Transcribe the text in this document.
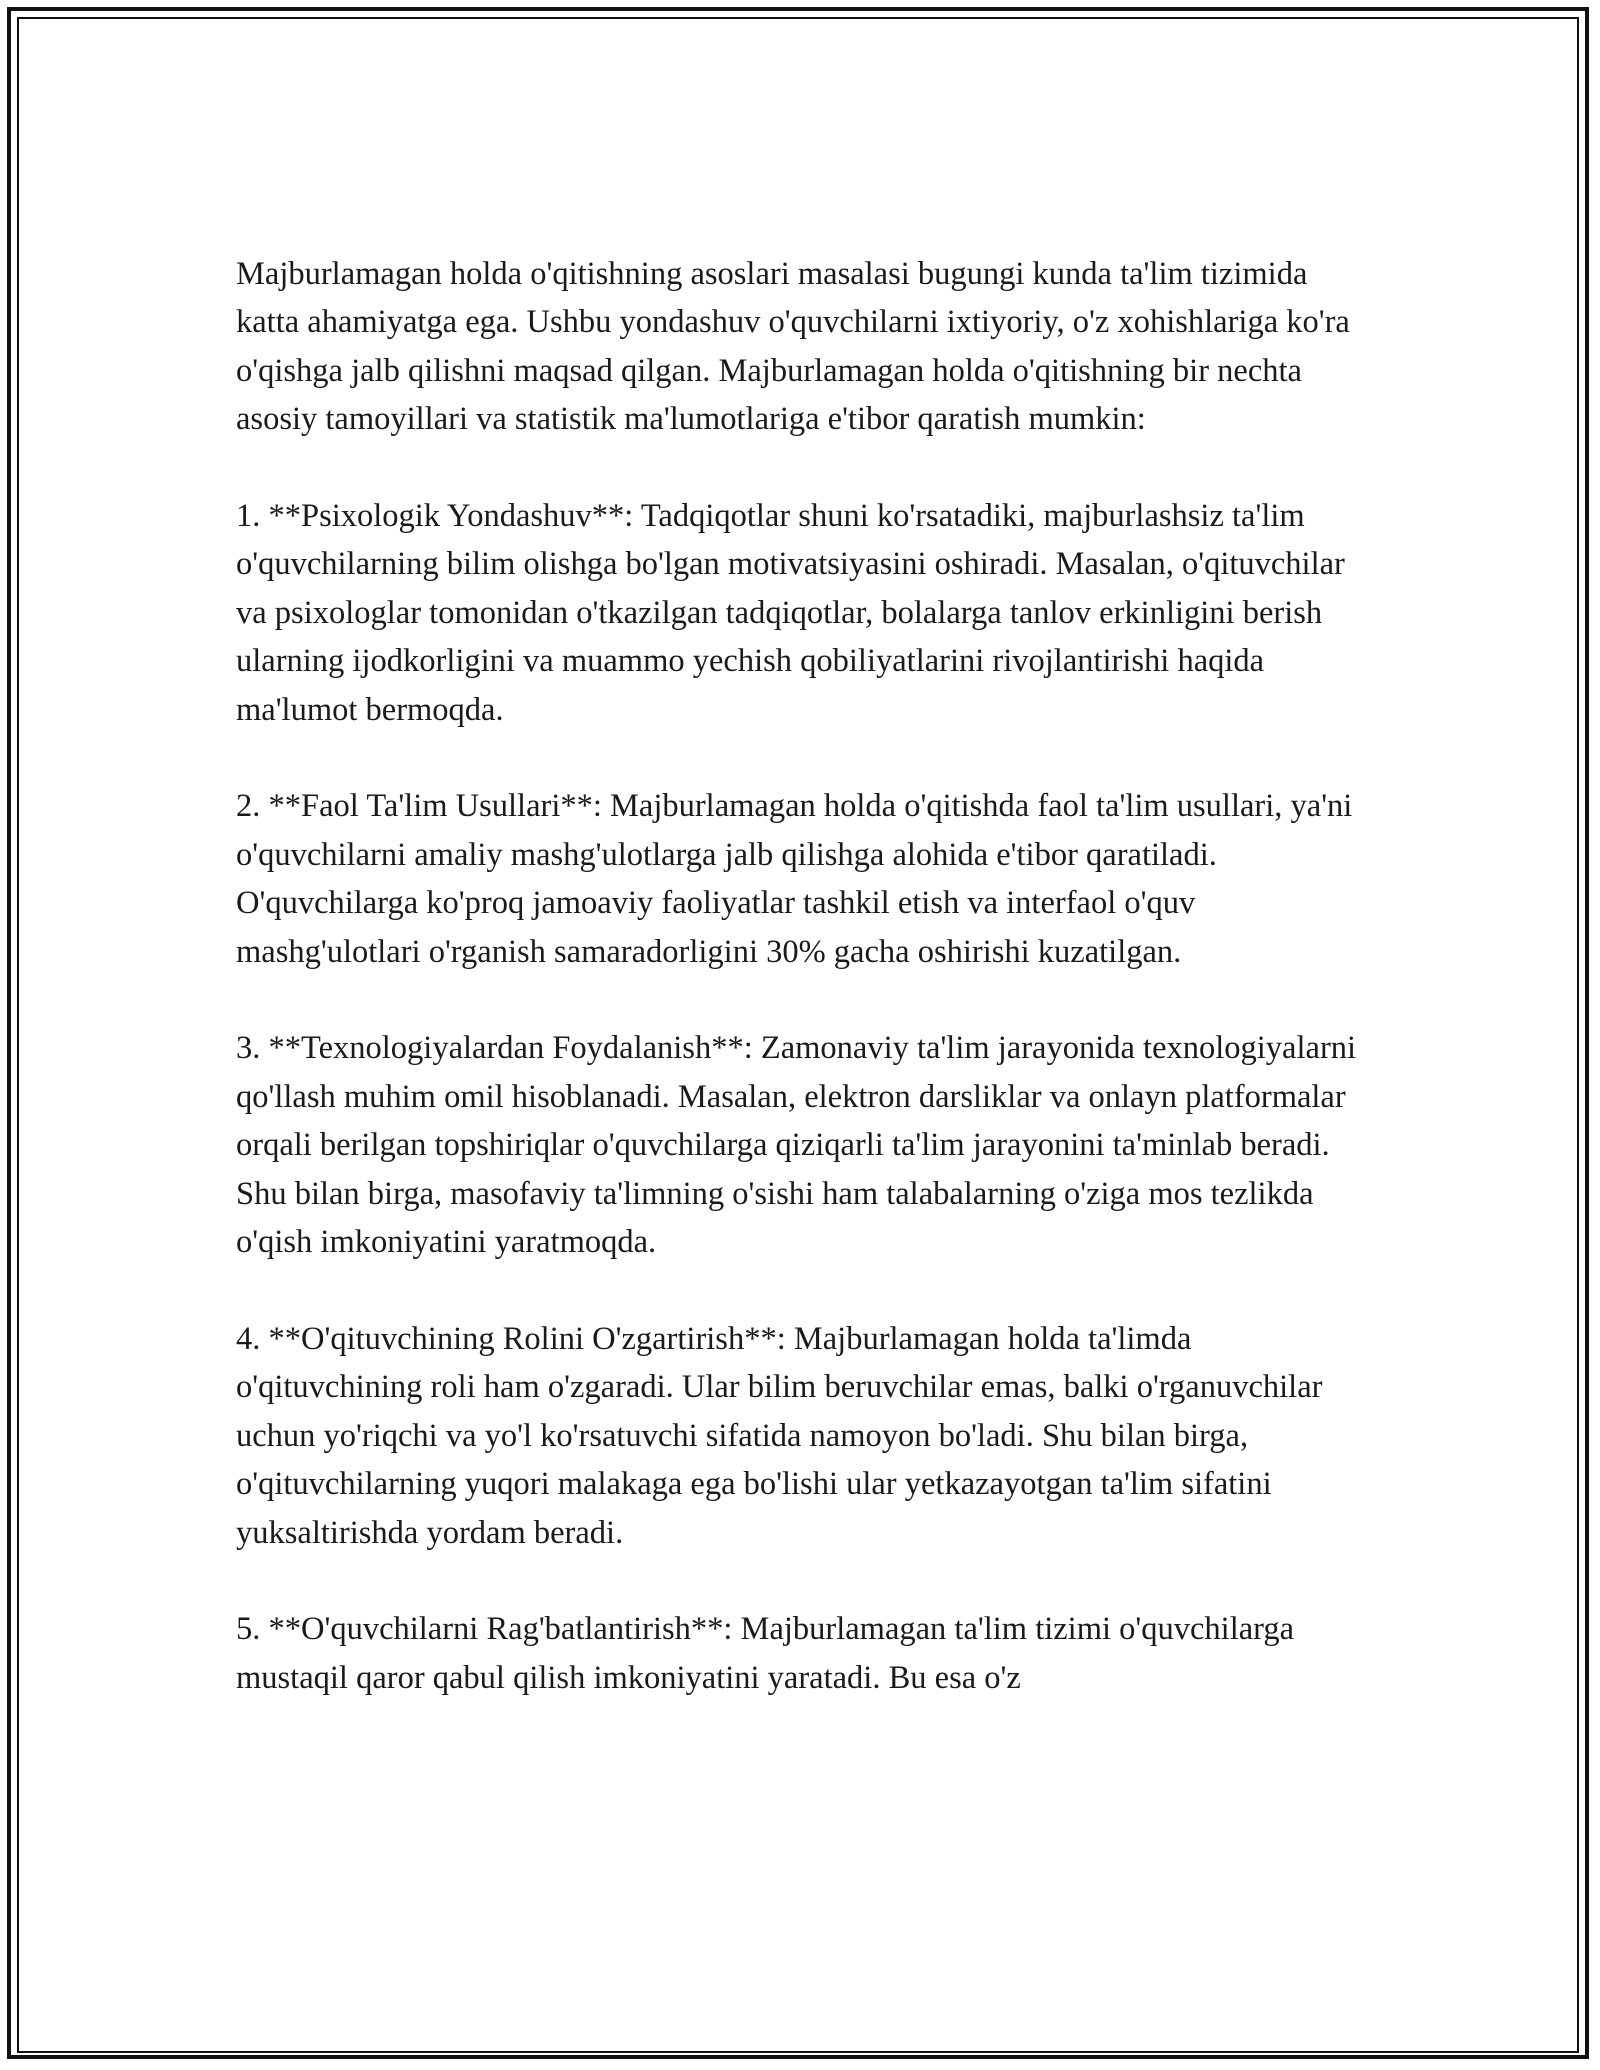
Majburlamagan holda o'qitishning asoslari masalasi bugungi kunda ta'lim tizimida katta ahamiyatga ega. Ushbu yondashuv o'quvchilarni ixtiyoriy, o'z xohishlariga ko'ra o'qishga jalb qilishni maqsad qilgan. Majburlamagan holda o'qitishning bir nechta asosiy tamoyillari va statistik ma'lumotlariga e'tibor qaratish mumkin:

1. **Psixologik Yondashuv**: Tadqiqotlar shuni ko'rsatadiki, majburlashsiz ta'lim o'quvchilarning bilim olishga bo'lgan motivatsiyasini oshiradi. Masalan, o'qituvchilar va psixologlar tomonidan o'tkazilgan tadqiqotlar, bolalarga tanlov erkinligini berish ularning ijodkorligini va muammo yechish qobiliyatlarini rivojlantirishi haqida ma'lumot bermoqda.

2. **Faol Ta'lim Usullari**: Majburlamagan holda o'qitishda faol ta'lim usullari, ya'ni o'quvchilarni amaliy mashg'ulotlarga jalb qilishga alohida e'tibor qaratiladi. O'quvchilarga ko'proq jamoaviy faoliyatlar tashkil etish va interfaol o'quv mashg'ulotlari o'rganish samaradorligini 30% gacha oshirishi kuzatilgan.

3. **Texnologiyalardan Foydalanish**: Zamonaviy ta'lim jarayonida texnologiyalarni qo'llash muhim omil hisoblanadi. Masalan, elektron darsliklar va onlayn platformalar orqali berilgan topshiriqlar o'quvchilarga qiziqarli ta'lim jarayonini ta'minlab beradi. Shu bilan birga, masofaviy ta'limning o'sishi ham talabalarning o'ziga mos tezlikda o'qish imkoniyatini yaratmoqda.

4. **O'qituvchining Rolini O'zgartirish**: Majburlamagan holda ta'limda o'qituvchining roli ham o'zgaradi. Ular bilim beruvchilar emas, balki o'rganuvchilar uchun yo'riqchi va yo'l ko'rsatuvchi sifatida namoyon bo'ladi. Shu bilan birga, o'qituvchilarning yuqori malakaga ega bo'lishi ular yetkazayotgan ta'lim sifatini yuksaltirishda yordam beradi.

5. **O'quvchilarni Rag'batlantirish**: Majburlamagan ta'lim tizimi o'quvchilarga mustaqil qaror qabul qilish imkoniyatini yaratadi. Bu esa o'z
